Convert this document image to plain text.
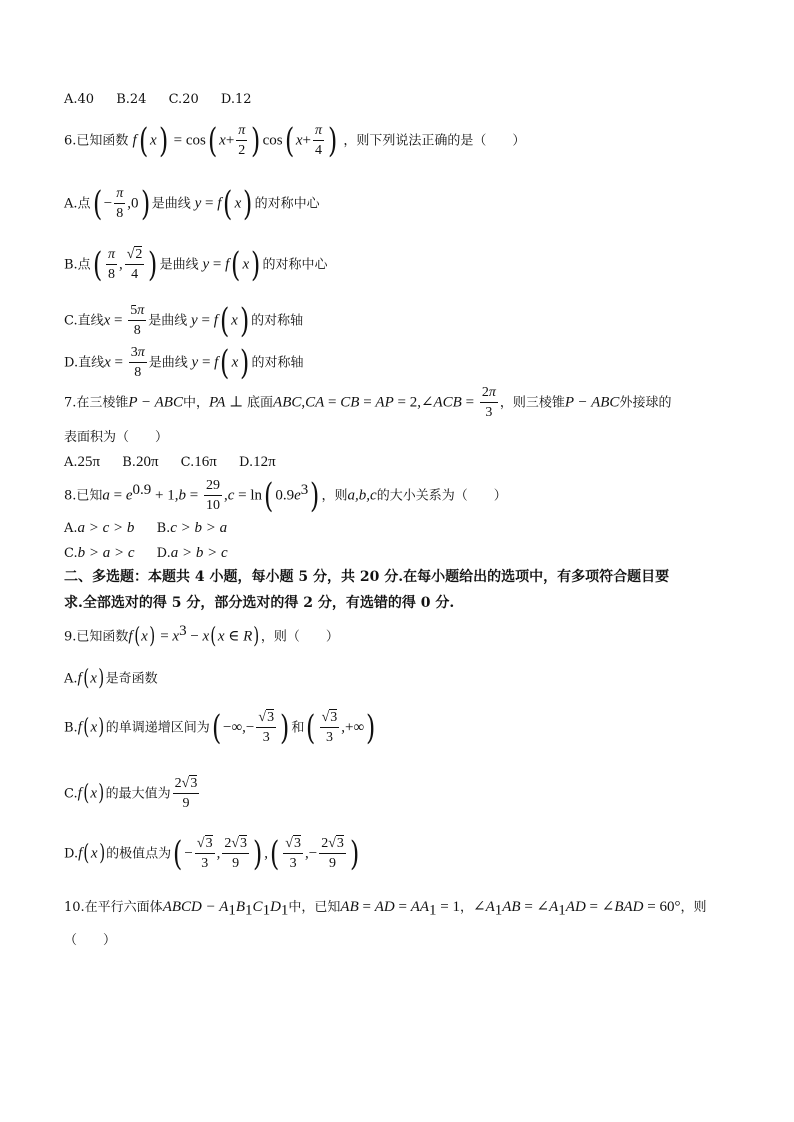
A.40 B.24 C.20 D.12
6.已知函数 f( x) = cos( $x+ \frac{\pi}{2}$ ) cos( $x+ \frac{\pi}{4}$ ) ，则下列说法正确的是（　　）
A.点( − $\frac{\pi}{8} ,0$) 是曲线 y = f( x) 的对称中心
B.点( $\frac{\pi}{8}$ , $\frac{√2}{4}$ ) 是曲线 y = f( x) 的对称中心
C.直线$x = \frac{5\pi}{8}$ 是曲线 y = f( x) 的对称轴
D.直线$x = \frac{3\pi}{8}$ 是曲线 y = f( x) 的对称轴
7.在三棱锥P − ABC中，PA ⊥ 底面ABC,CA = CB = AP = 2,∠ACB = $\frac{2\pi}{3}$ ，则三棱锥P − ABC外接球的
表面积为（　　）
A.25π B.20π C.16π D.12π
8.已知$a = e^{0.9} + 1,b = \frac{29}{10} ,c = \ln$( $0.9e^3$) ，则a,b,c的大小关系为（　　）
A.a > c > b B.c > b > a
C.b > a > c D.a > b > c
二、多选题：本题共 4 小题，每小题 5 分，共 20 分.在每小题给出的选项中，有多项符合题目要
求.全部选对的得 5 分，部分选对的得 2 分，有选错的得 0 分.
9.已知函数$f(x) = x^3 - x(x$ ∈ R)，则（　　）
A.f(x)是奇函数
B.f(x)的单调递增区间为( −∞,− $\frac{√3}{3}$ ) 和( $\frac{√3}{3}$ ,+∞)
C.f(x)的最大值为 $\frac{2√3}{9}$
D.f(x)的极值点为( − $\frac{√3}{3}$ , $\frac{2√3}{9}$ ) ,( $\frac{√3}{3}$ ,− $\frac{2√3}{9}$ )
10.在平行六面体ABCD − $A_1B_1C_1D_1$中，已知AB = AD = $AA_1 = 1$，$\angle A_1AB$ = $\angle A_1AD$ = ∠BAD = 60°，则
（　　）
